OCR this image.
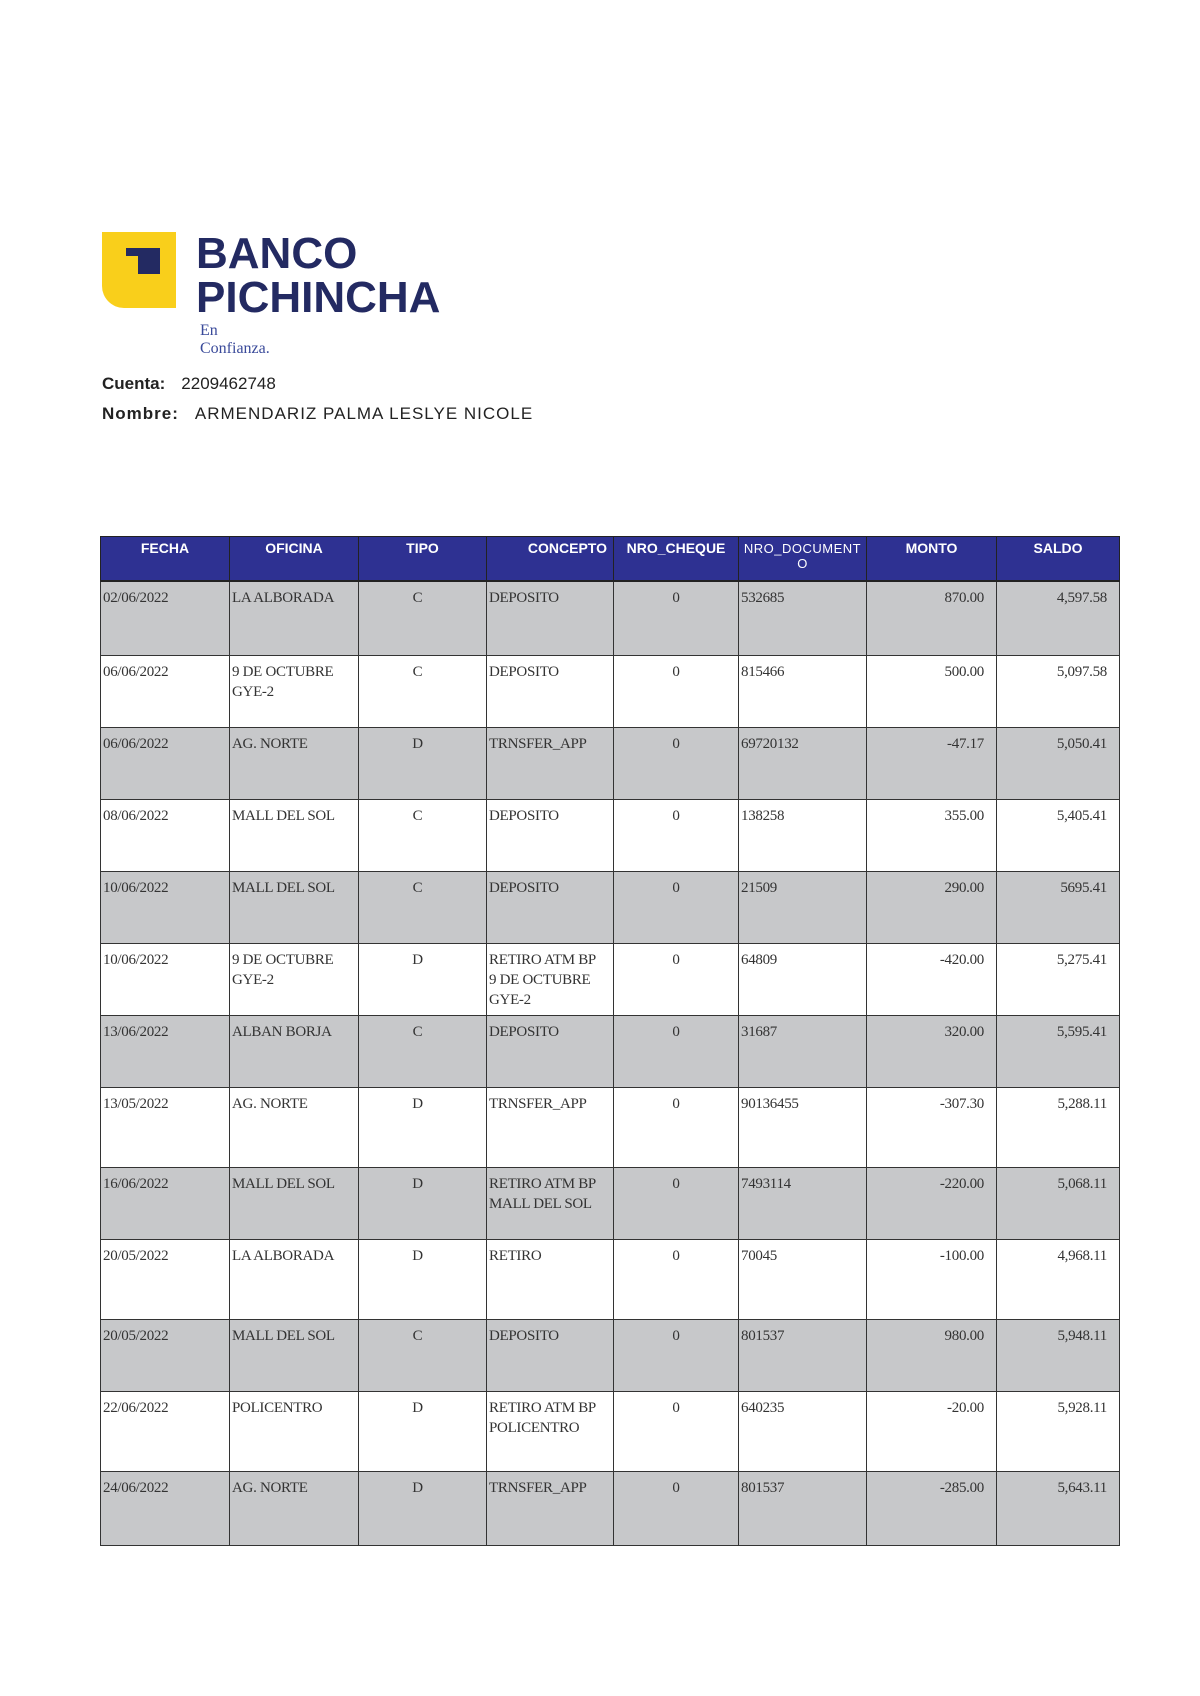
BANCO
PICHINCHA
En Confianza.
Cuenta: 2209462748
Nombre: ARMENDARIZ PALMA LESLYE NICOLE
FECHA	OFICINA	TIPO	CONCEPTO	NRO_CHEQUE	NRO_DOCUMENTO	MONTO	SALDO
02/06/2022	LA ALBORADA	C	DEPOSITO	0	532685	870.00	4,597.58
06/06/2022	9 DE OCTUBRE GYE-2	C	DEPOSITO	0	815466	500.00	5,097.58
06/06/2022	AG. NORTE	D	TRNSFER_APP	0	69720132	-47.17	5,050.41
08/06/2022	MALL DEL SOL	C	DEPOSITO	0	138258	355.00	5,405.41
10/06/2022	MALL DEL SOL	C	DEPOSITO	0	21509	290.00	5695.41
10/06/2022	9 DE OCTUBRE GYE-2	D	RETIRO ATM BP 9 DE OCTUBRE GYE-2	0	64809	-420.00	5,275.41
13/06/2022	ALBAN BORJA	C	DEPOSITO	0	31687	320.00	5,595.41
13/05/2022	AG. NORTE	D	TRNSFER_APP	0	90136455	-307.30	5,288.11
16/06/2022	MALL DEL SOL	D	RETIRO ATM BP MALL DEL SOL	0	7493114	-220.00	5,068.11
20/05/2022	LA ALBORADA	D	RETIRO	0	70045	-100.00	4,968.11
20/05/2022	MALL DEL SOL	C	DEPOSITO	0	801537	980.00	5,948.11
22/06/2022	POLICENTRO	D	RETIRO ATM BP POLICENTRO	0	640235	-20.00	5,928.11
24/06/2022	AG. NORTE	D	TRNSFER_APP	0	801537	-285.00	5,643.11
